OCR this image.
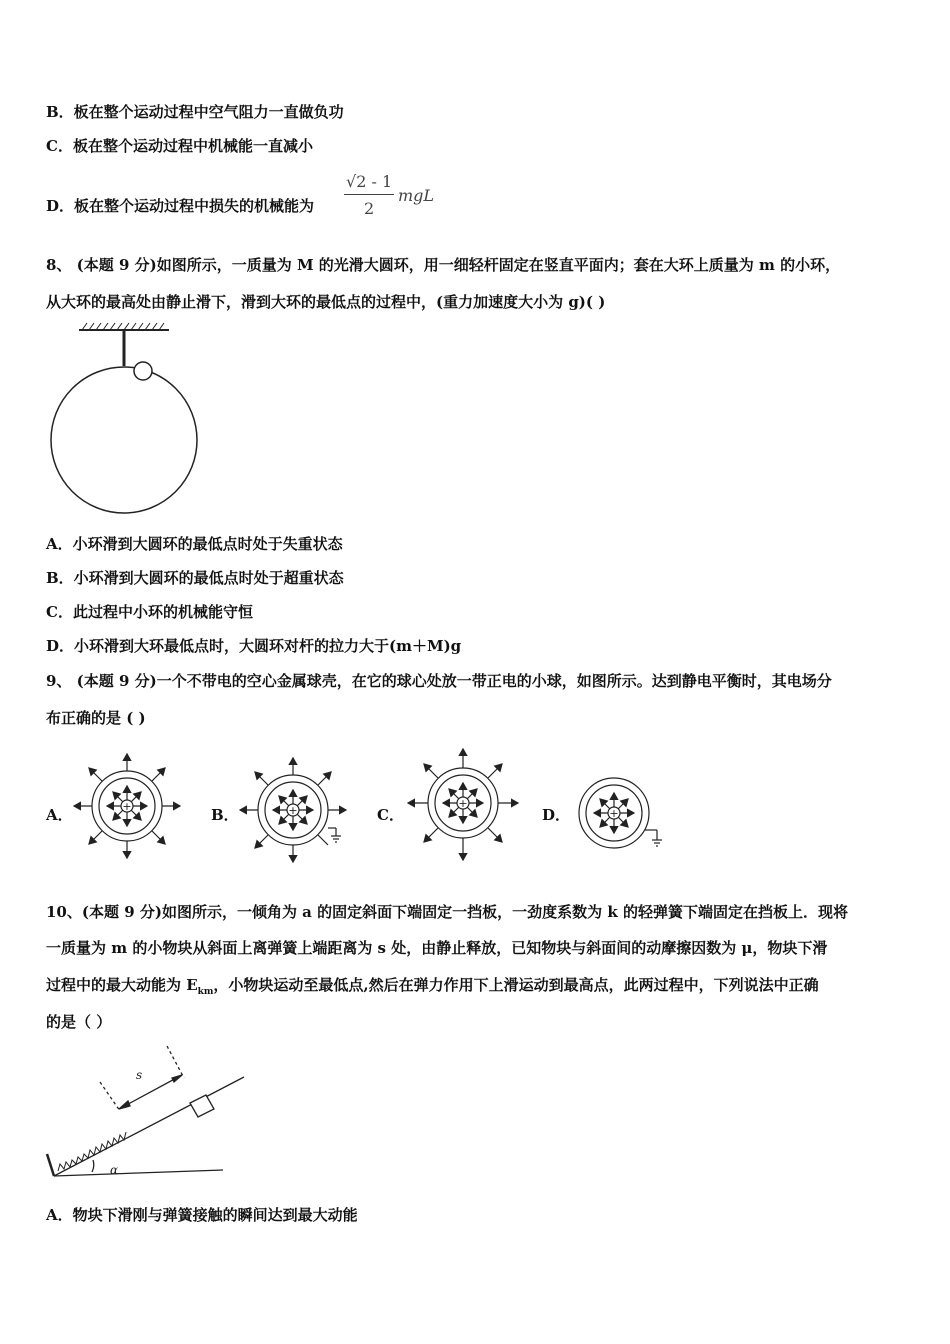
B．板在整个运动过程中空气阻力一直做负功
C．板在整个运动过程中机械能一直减小
D．板在整个运动过程中损失的机械能为
√2 - 1
2
mgL
8、 (本题 9 分)如图所示，一质量为 M 的光滑大圆环，用一细轻杆固定在竖直平面内；套在大环上质量为 m 的小环，
从大环的最高处由静止滑下，滑到大环的最低点的过程中，(重力加速度大小为 g)( )
A．小环滑到大圆环的最低点时处于失重状态
B．小环滑到大圆环的最低点时处于超重状态
C．此过程中小环的机械能守恒
D．小环滑到大环最低点时，大圆环对杆的拉力大于(m＋M)g
9、 (本题 9 分)一个不带电的空心金属球壳，在它的球心处放一带正电的小球，如图所示。达到静电平衡时，其电场分
布正确的是 ( )
A．	B．	C．	D．
+	+
+
+
10、(本题 9 分)如图所示，一倾角为 a 的固定斜面下端固定一挡板，一劲度系数为 k 的轻弹簧下端固定在挡板上．现将
一质量为 m 的小物块从斜面上离弹簧上端距离为 s 处，由静止释放，已知物块与斜面间的动摩擦因数为 μ，物块下滑
过程中的最大动能为 $E_{km}$，小物块运动至最低点,然后在弹力作用下上滑运动到最高点，此两过程中，下列说法中正确
的是（ ）
s
α
A．物块下滑刚与弹簧接触的瞬间达到最大动能
